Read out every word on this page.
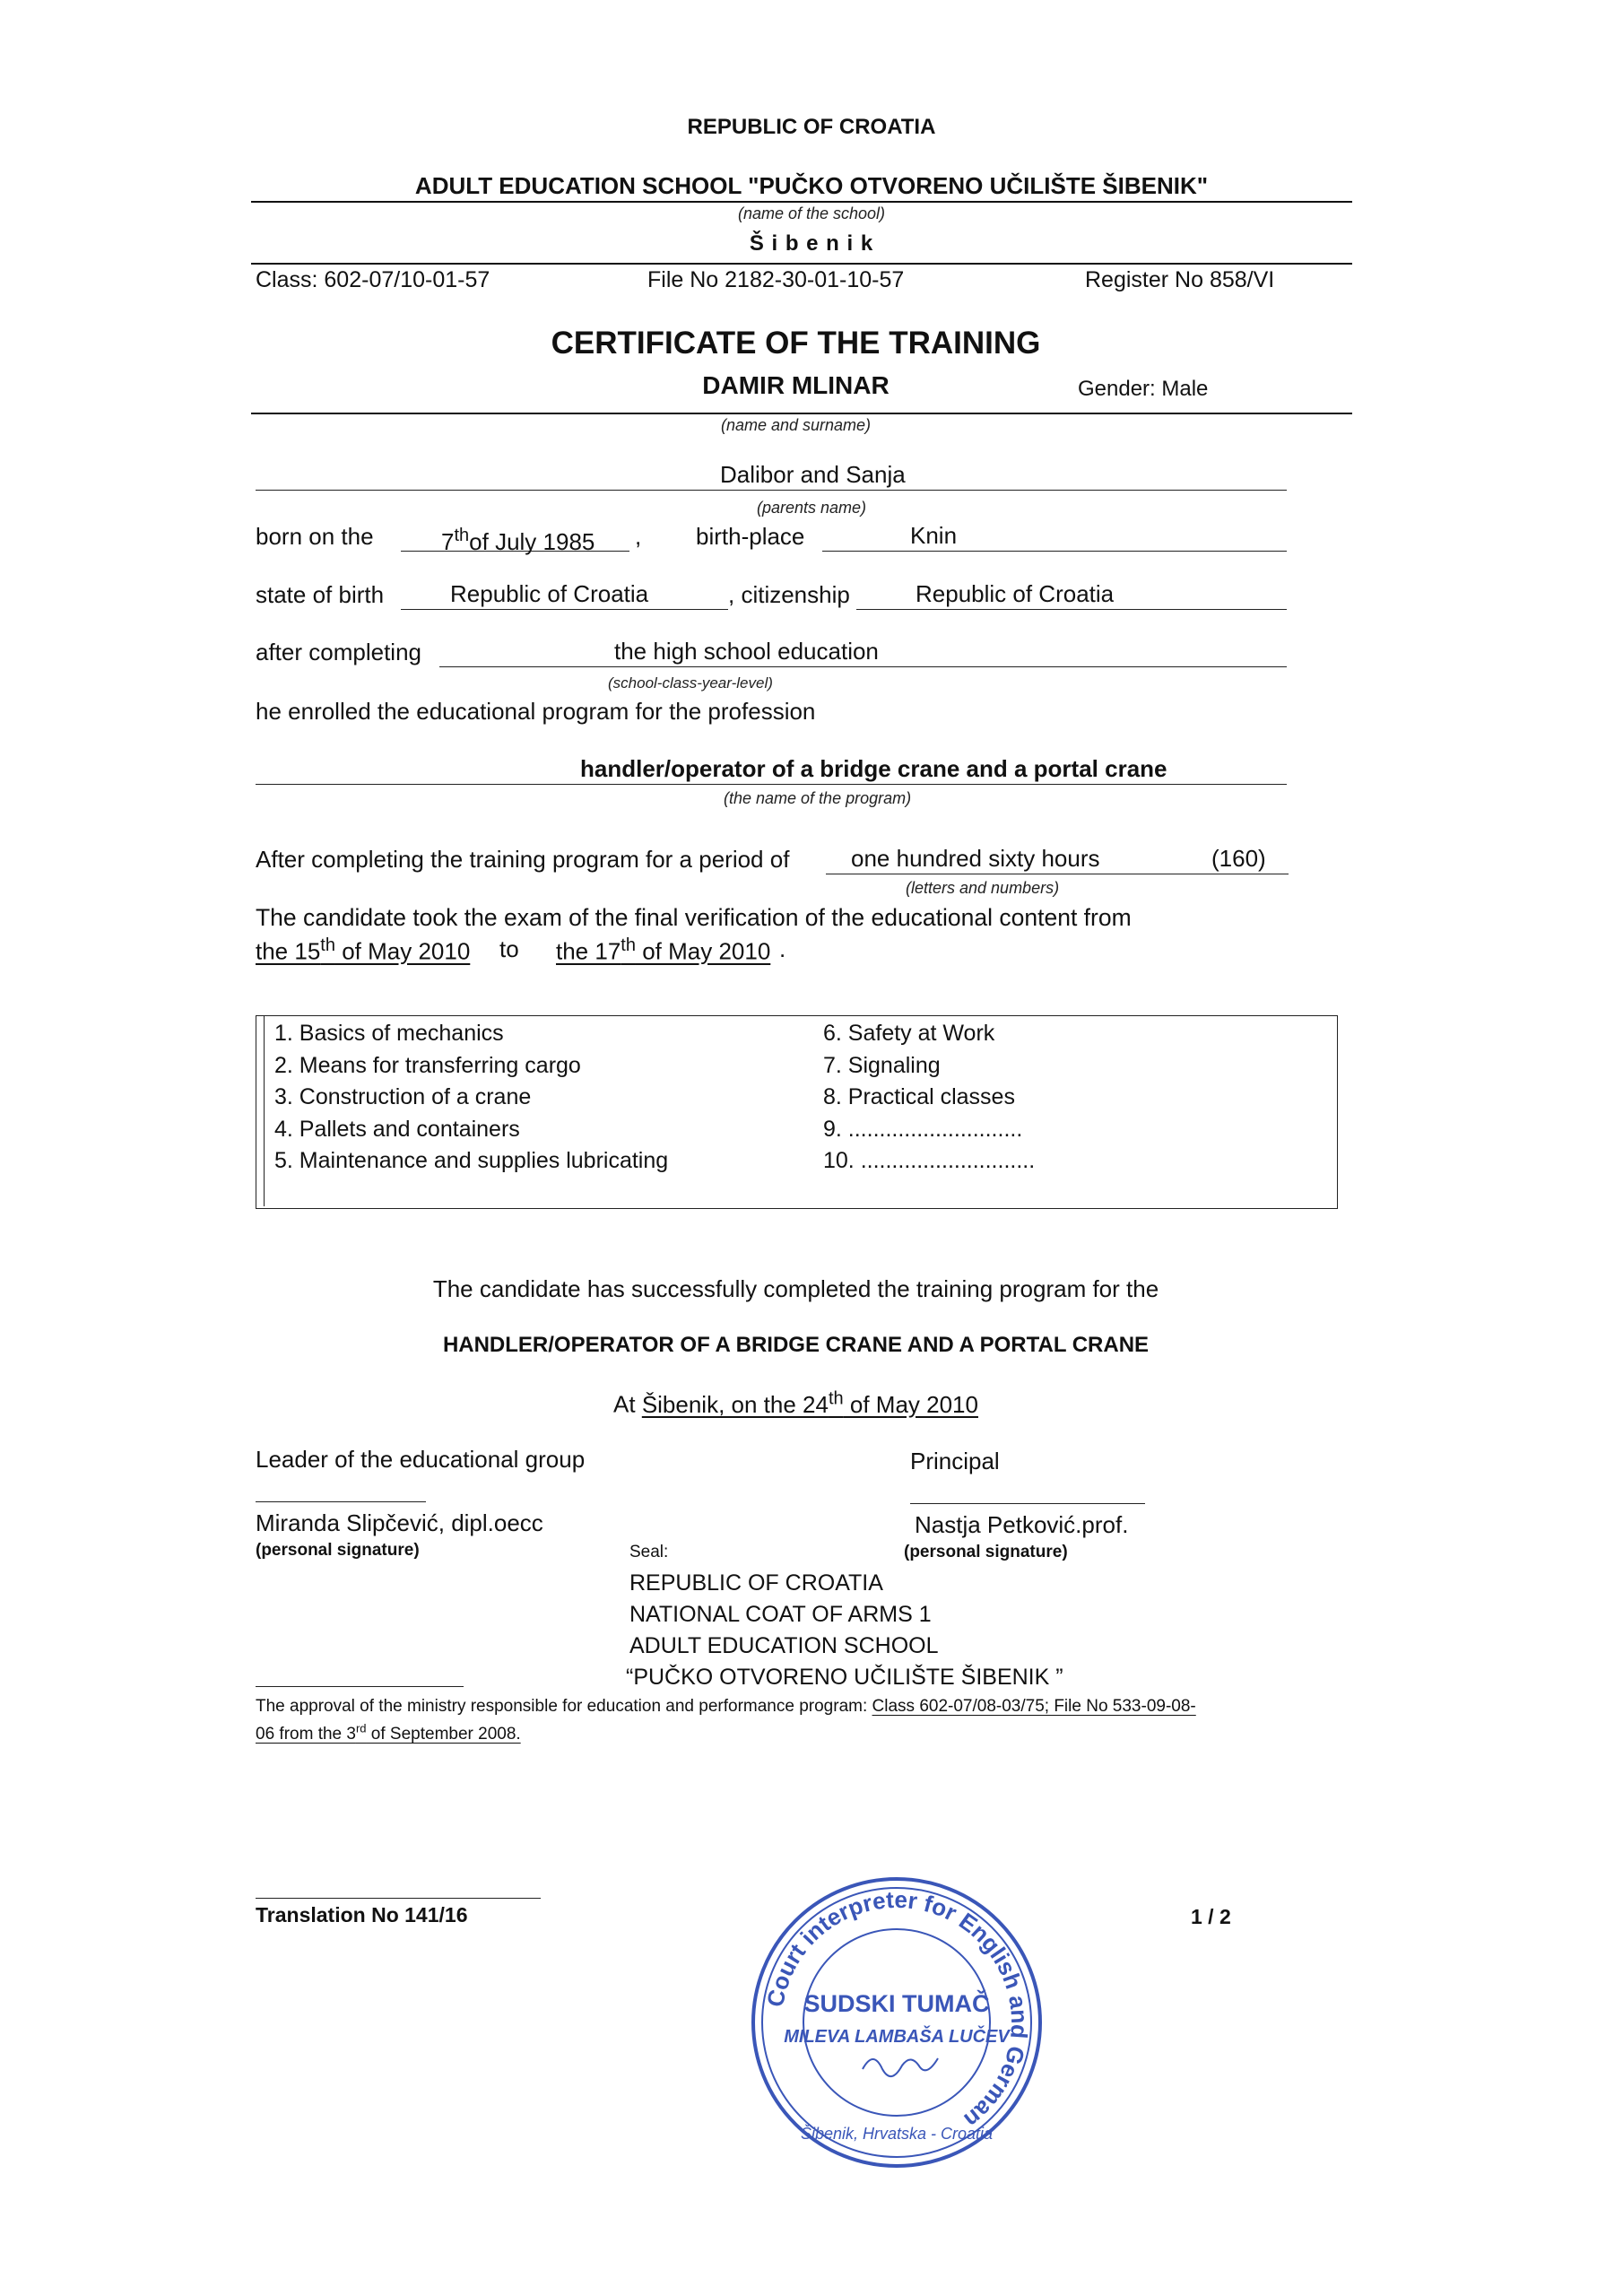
REPUBLIC OF CROATIA
ADULT EDUCATION SCHOOL "PUČKO OTVORENO UČILIŠTE ŠIBENIK"
(name of the school)
Š i b e n i k
Class: 602-07/10-01-57	File No 2182-30-01-10-57	Register No 858/VI
CERTIFICATE OF THE TRAINING
DAMIR MLINAR	Gender: Male
(name and surname)
Dalibor and Sanja
(parents name)
born on the	7thof July 1985 , birth-place	Knin
state of birth	Republic of Croatia	, citizenship	Republic of Croatia
after completing	the high school education
(school-class-year-level)
he enrolled the educational program for the profession
handler/operator of a bridge crane and a portal crane
(the name of the program)
After completing the training program for a period of	one hundred sixty hours	(160)
(letters and numbers)
The candidate took the exam of the final verification of the educational content from
the 15th of May 2010 to the 17th of May 2010 .
1. Basics of mechanics
2. Means for transferring cargo
3. Construction of a crane
4. Pallets and containers
5. Maintenance and supplies lubricating
6. Safety at Work
7. Signaling
8. Practical classes
9. ............................
10. ............................
The candidate has successfully completed the training program for the
HANDLER/OPERATOR OF A BRIDGE CRANE AND A PORTAL CRANE
At Šibenik, on the 24th of May 2010
Leader of the educational group	Principal
Miranda Slipčević, dipl.oecc	Nastja Petković.prof.
(personal signature)	Seal:	(personal signature)
REPUBLIC OF CROATIA
NATIONAL COAT OF ARMS 1
ADULT EDUCATION SCHOOL
“PUČKO OTVORENO UČILIŠTE ŠIBENIK ”
The approval of the ministry responsible for education and performance program: Class 602-07/08-03/75; File No 533-09-08-
06 from the 3rd of September 2008.
Translation No 141/16	1 / 2
Court interpreter for English and German
SUDSKI TUMAČ
MILEVA LAMBAŠA LUČEV
Šibenik, Hrvatska - Croatia
